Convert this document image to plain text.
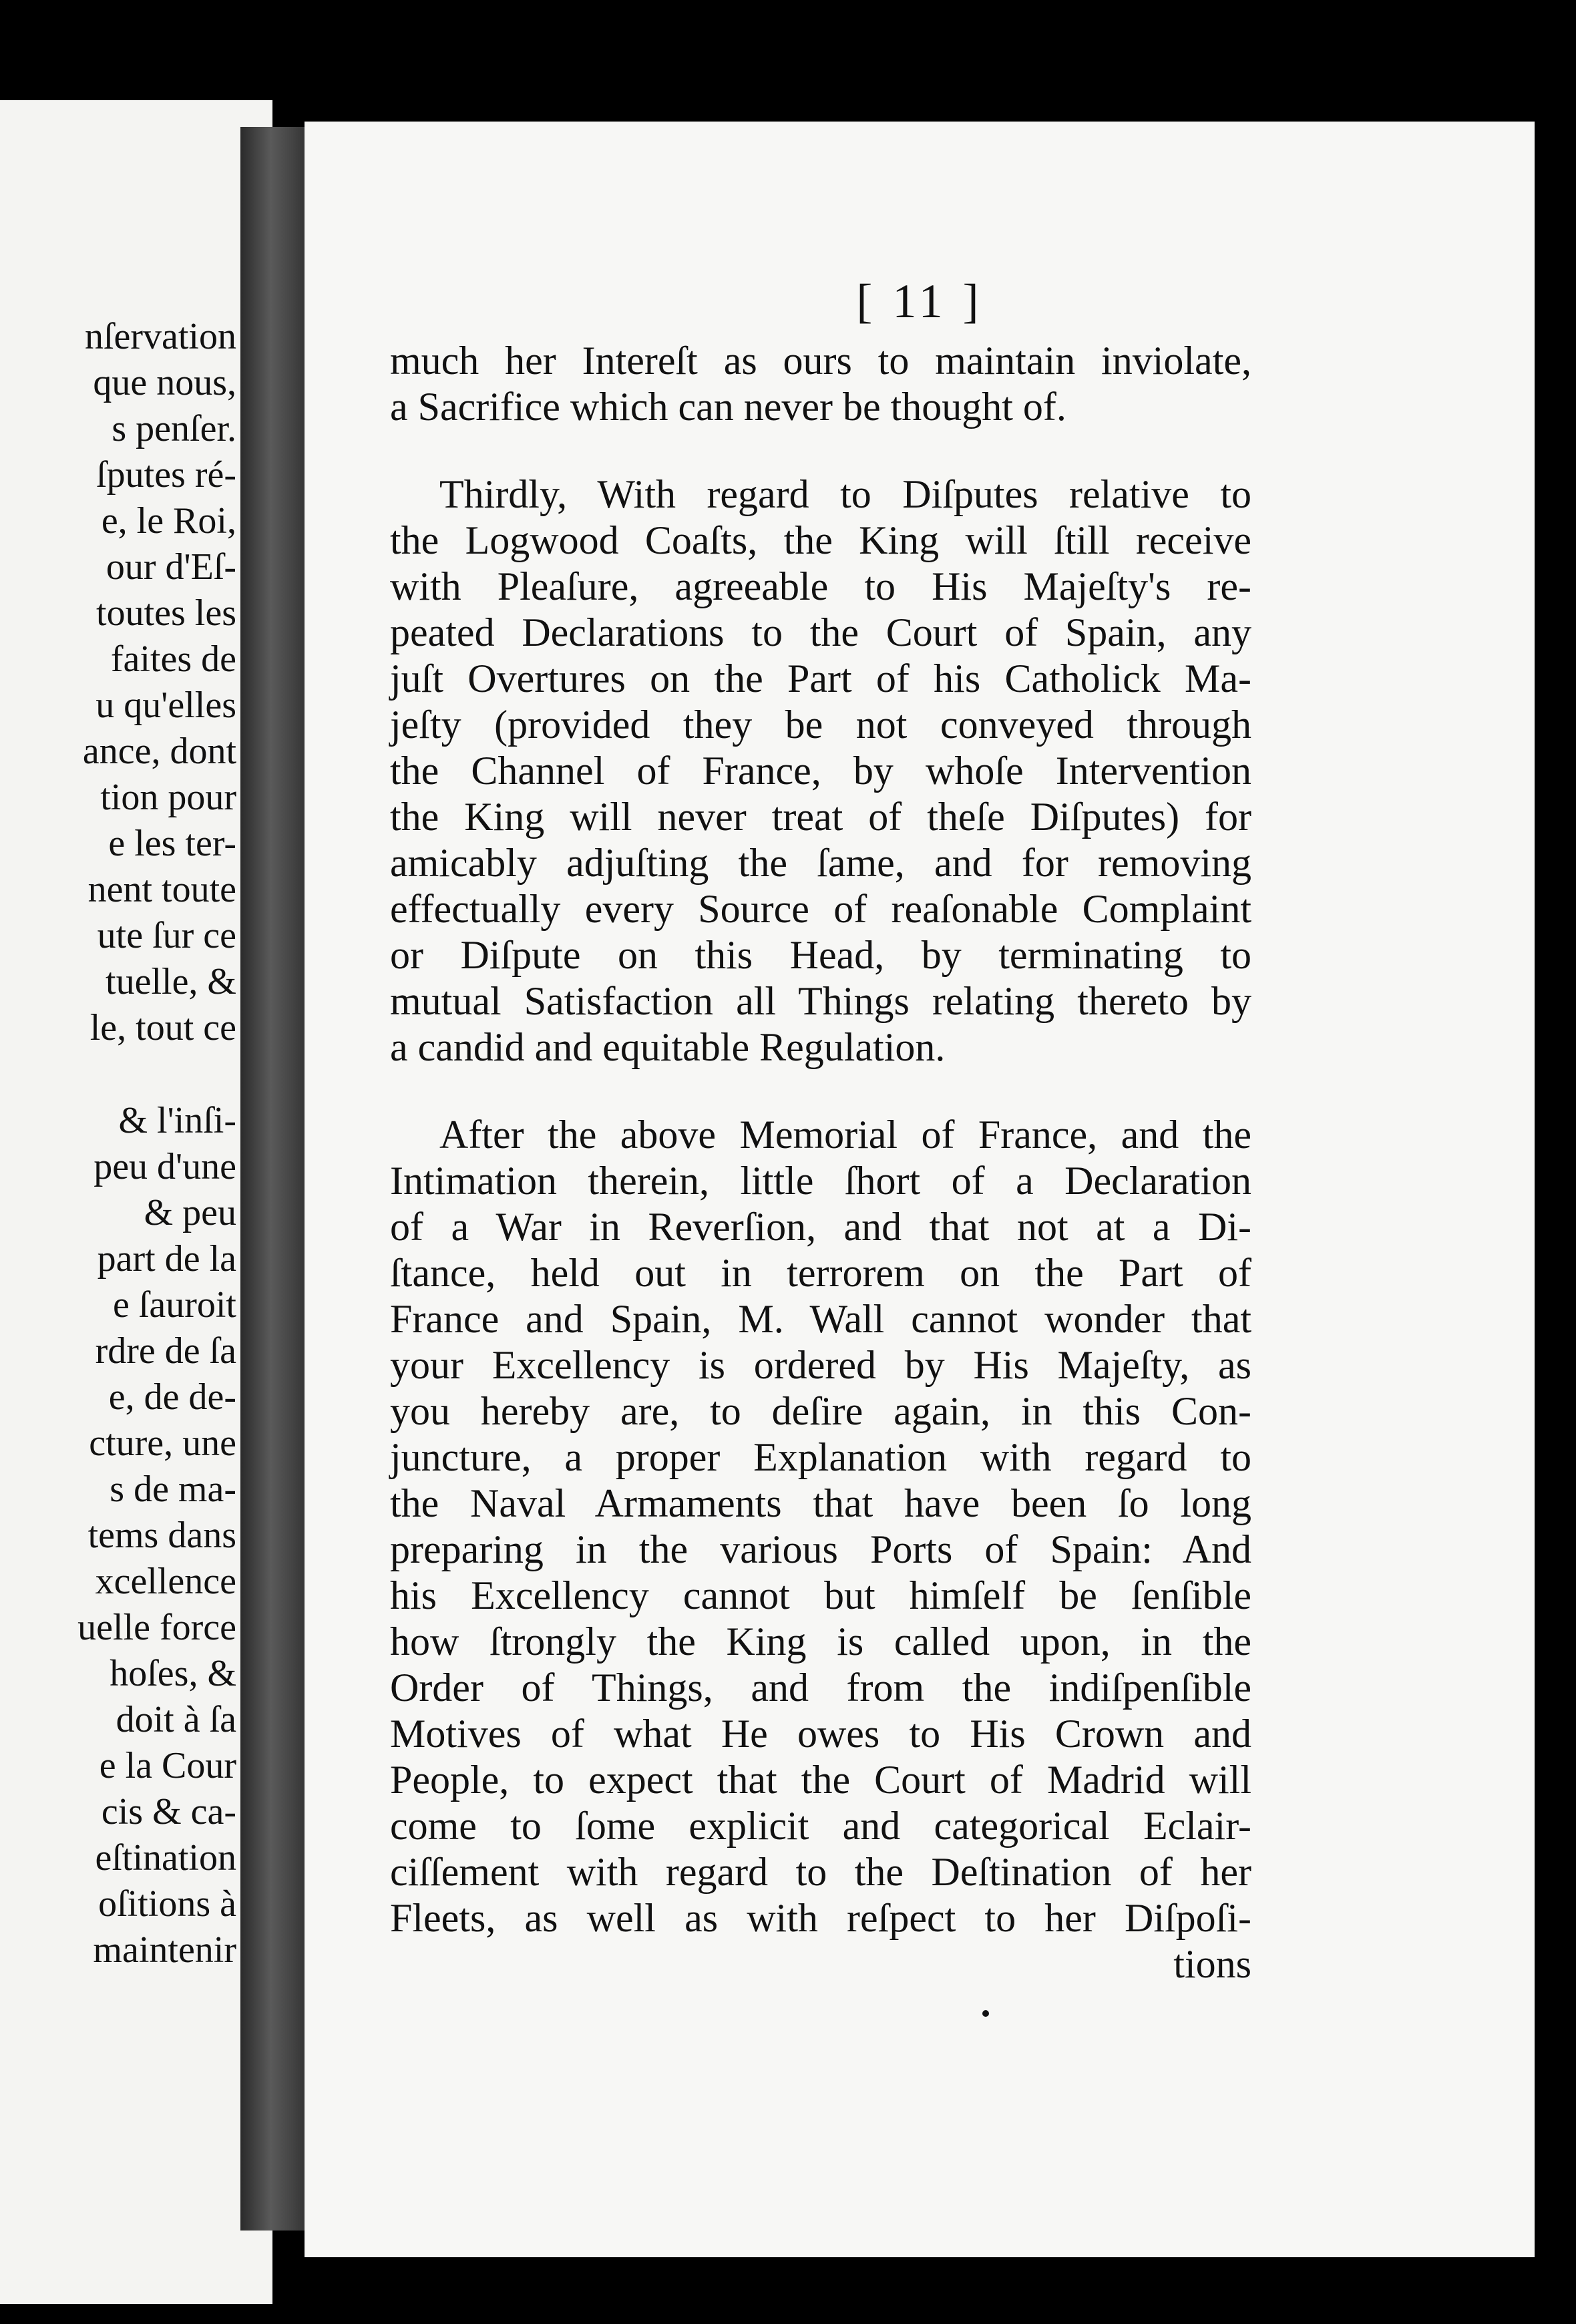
nſervation
que nous,
s penſer.
ſputes ré-
e, le Roi,
our d'Eſ-
toutes les
faites de
u qu'elles
ance, dont
tion pour
e les ter-
nent toute
ute ſur ce
tuelle, &
le, tout ce
& l'inſi-
peu d'une
& peu
part de la
e ſauroit
rdre de ſa
e, de de-
cture, une
s de ma-
tems dans
xcellence
uelle force
hoſes, &
doit à ſa
e la Cour
cis & ca-
eſtination
oſitions à
maintenir
[ 11 ]
much her Intereſt as ours to maintain inviolate,
a Sacrifice which can never be thought of.
Thirdly, With regard to Diſputes relative to
the Logwood Coaſts, the King will ſtill receive
with Pleaſure, agreeable to His Majeſty's re-
peated Declarations to the Court of Spain, any
juſt Overtures on the Part of his Catholick Ma-
jeſty (provided they be not conveyed through
the Channel of France, by whoſe Intervention
the King will never treat of theſe Diſputes) for
amicably adjuſting the ſame, and for removing
effectually every Source of reaſonable Complaint
or Diſpute on this Head, by terminating to
mutual Satisfaction all Things relating thereto by
a candid and equitable Regulation.
After the above Memorial of France, and the
Intimation therein, little ſhort of a Declaration
of a War in Reverſion, and that not at a Di-
ſtance, held out in terrorem on the Part of
France and Spain, M. Wall cannot wonder that
your Excellency is ordered by His Majeſty, as
you hereby are, to deſire again, in this Con-
juncture, a proper Explanation with regard to
the Naval Armaments that have been ſo long
preparing in the various Ports of Spain: And
his Excellency cannot but himſelf be ſenſible
how ſtrongly the King is called upon, in the
Order of Things, and from the indiſpenſible
Motives of what He owes to His Crown and
People, to expect that the Court of Madrid will
come to ſome explicit and categorical Eclair-
ciſſement with regard to the Deſtination of her
Fleets, as well as with reſpect to her Diſpoſi-
tions
